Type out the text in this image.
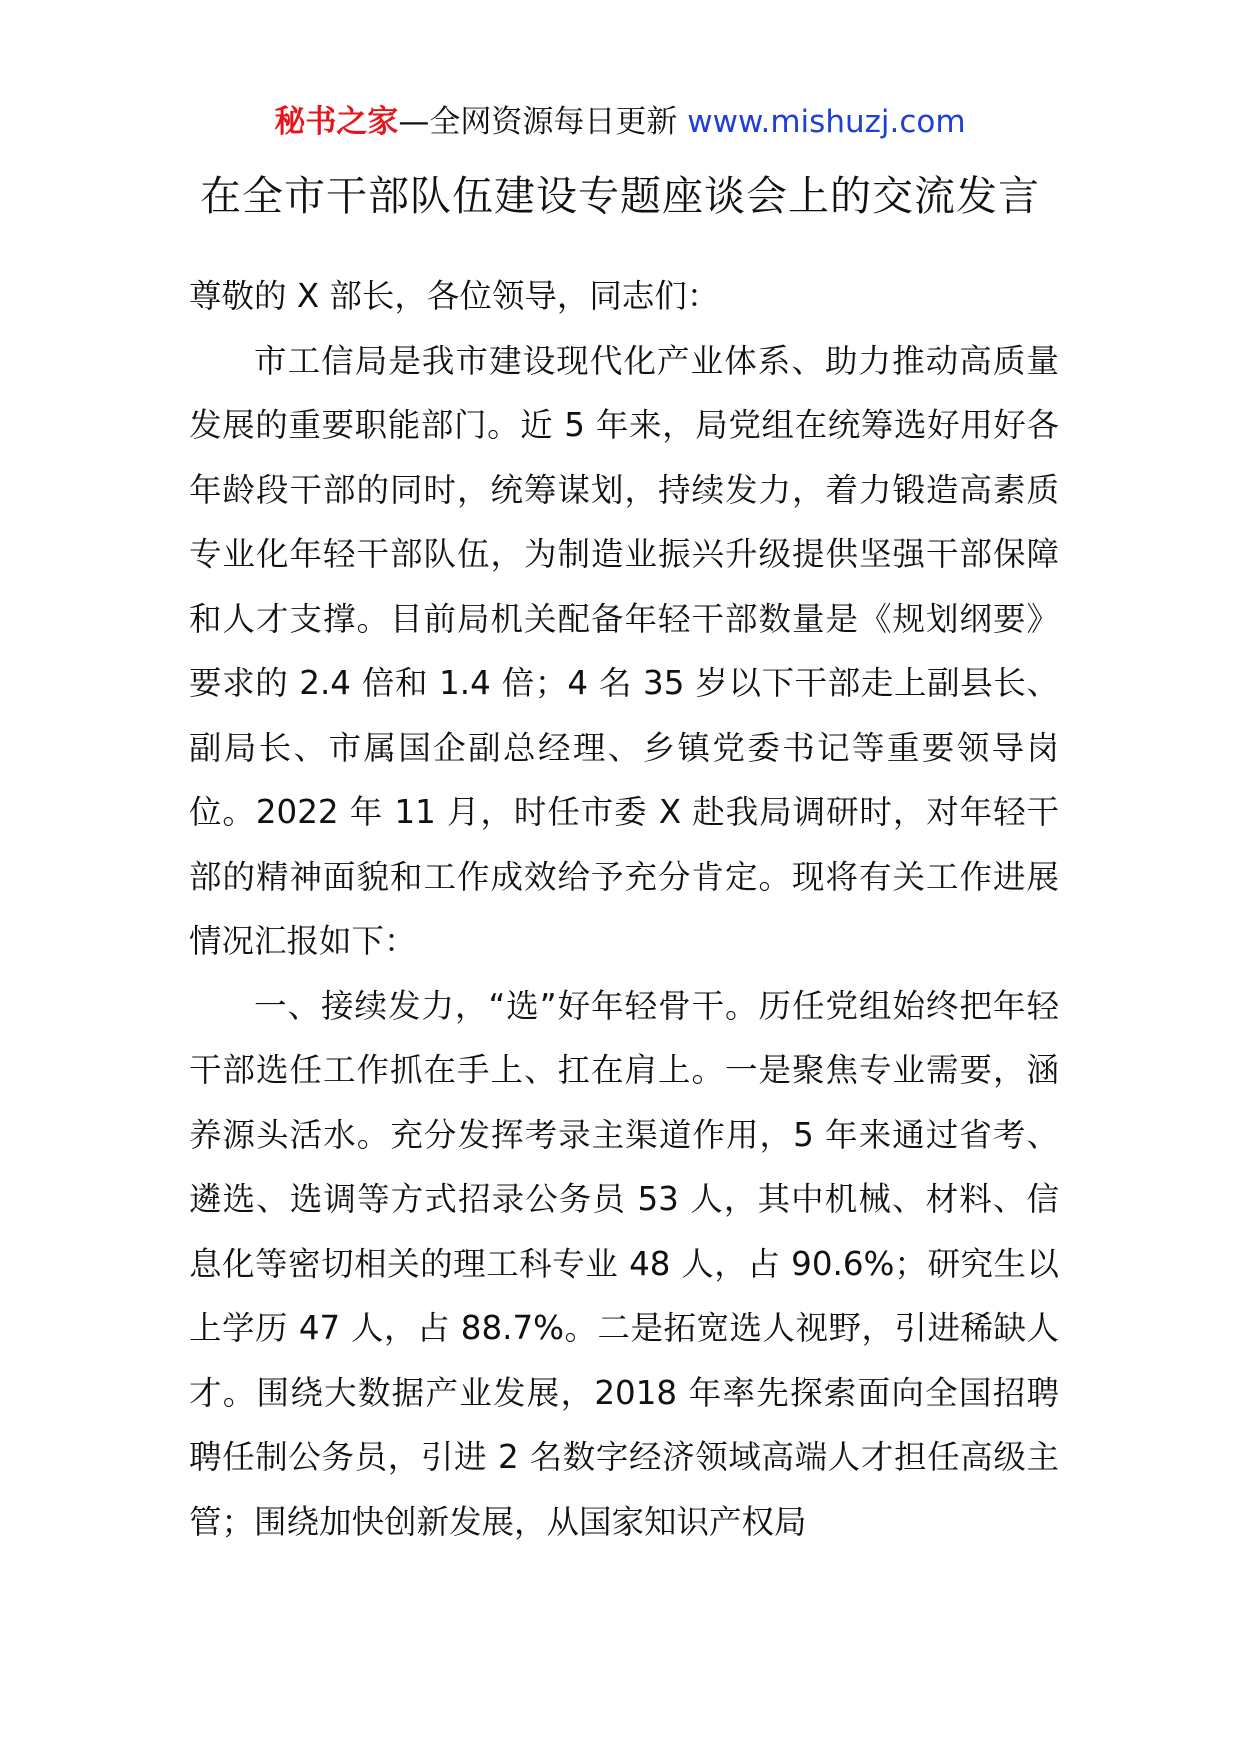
秘书之家—全网资源每日更新 www.mishuzj.com
在全市干部队伍建设专题座谈会上的交流发言

尊敬的 X 部长，各位领导，同志们：

市工信局是我市建设现代化产业体系、助力推动高质量发展的重要职能部门。近 5 年来，局党组在统筹选好用好各年龄段干部的同时，统筹谋划，持续发力，着力锻造高素质专业化年轻干部队伍，为制造业振兴升级提供坚强干部保障和人才支撑。目前局机关配备年轻干部数量是《规划纲要》要求的 2.4 倍和 1.4 倍；4 名 35 岁以下干部走上副县长、副局长、市属国企副总经理、乡镇党委书记等重要领导岗位。2022 年 11 月，时任市委 X 赴我局调研时，对年轻干部的精神面貌和工作成效给予充分肯定。现将有关工作进展情况汇报如下：

一、接续发力，“选”好年轻骨干。历任党组始终把年轻干部选任工作抓在手上、扛在肩上。一是聚焦专业需要，涵养源头活水。充分发挥考录主渠道作用，5 年来通过省考、遴选、选调等方式招录公务员 53 人，其中机械、材料、信息化等密切相关的理工科专业 48 人，占 90.6%；研究生以上学历 47 人，占 88.7%。二是拓宽选人视野，引进稀缺人才。围绕大数据产业发展，2018 年率先探索面向全国招聘聘任制公务员，引进 2 名数字经济领域高端人才担任高级主管；围绕加快创新发展，从国家知识产权局
